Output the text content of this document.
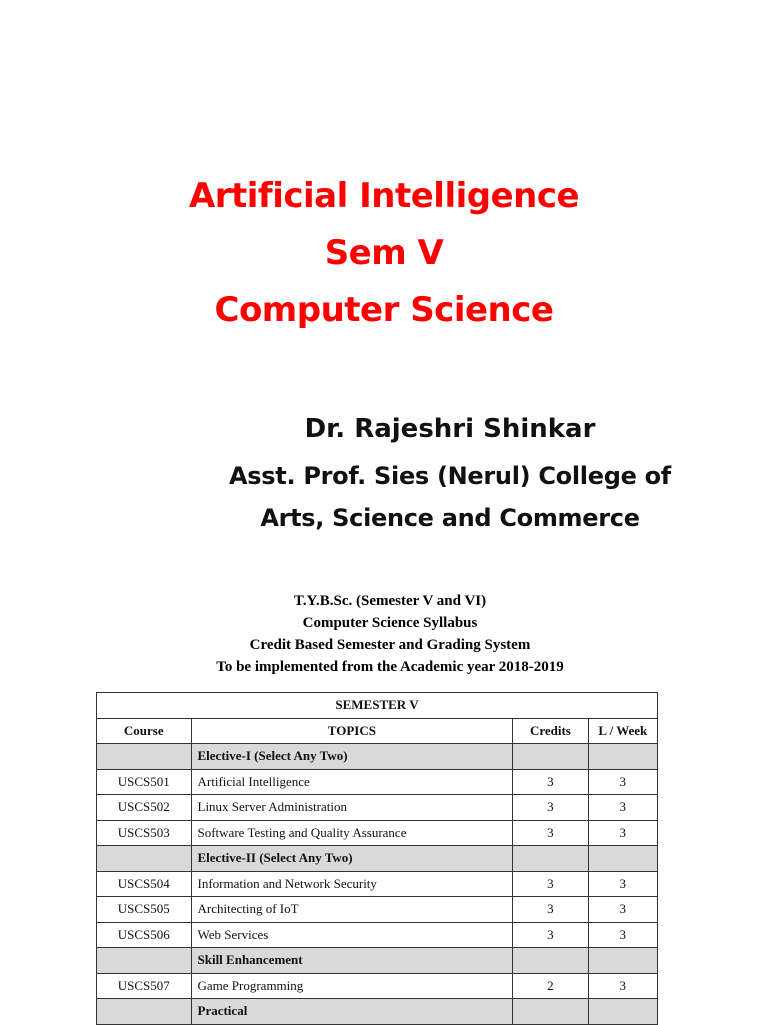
Artificial Intelligence
Sem V
Computer Science
Dr. Rajeshri Shinkar
Asst. Prof. Sies (Nerul) College of
Arts, Science and Commerce
T.Y.B.Sc. (Semester V and VI)
Computer Science Syllabus
Credit Based Semester and Grading System
To be implemented from the Academic year 2018-2019
SEMESTER V			
Course	TOPICS	Credits	L / Week
	Elective-I (Select Any Two)		
USCS501	Artificial Intelligence	3	3
USCS502	Linux Server Administration	3	3
USCS503	Software Testing and Quality Assurance	3	3
	Elective-II (Select Any Two)		
USCS504	Information and Network Security	3	3
USCS505	Architecting of IoT	3	3
USCS506	Web Services	3	3
	Skill Enhancement		
USCS507	Game Programming	2	3
	Practical		
